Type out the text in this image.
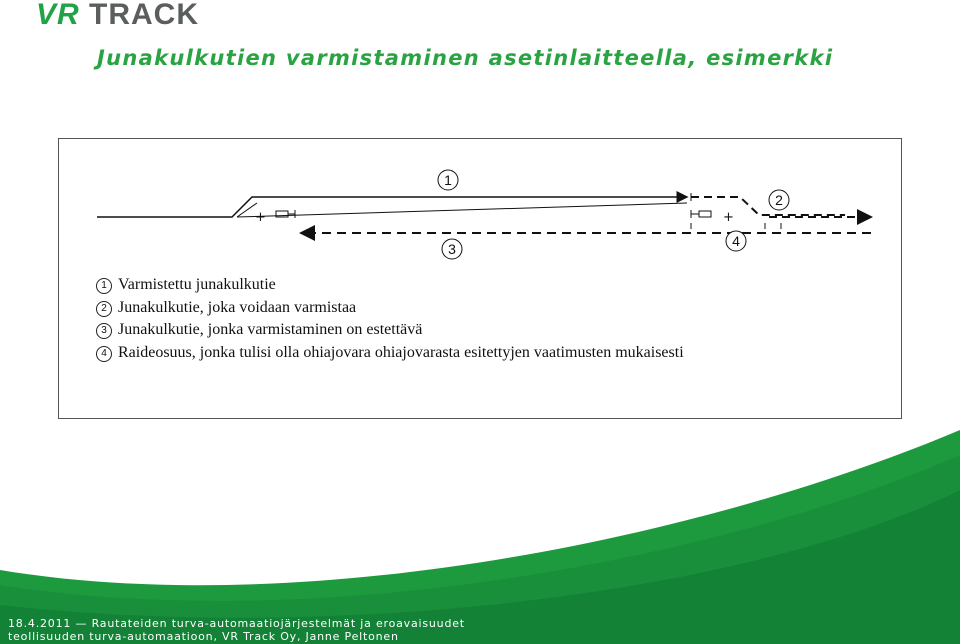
VR TRACK
Junakulkutien varmistaminen asetinlaitteella, esimerkki
+	+
1
2
3	4
1 Varmistettu junakulkutie
2 Junakulkutie, joka voidaan varmistaa
3 Junakulkutie, jonka varmistaminen on estettävä
4 Raideosuus, jonka tulisi olla ohiajovara ohiajovarasta esitettyjen vaatimusten mukaisesti
18.4.2011 — Rautateiden turva-automaatiojärjestelmät ja eroavaisuudet
teollisuuden turva-automaatioon, VR Track Oy, Janne Peltonen
